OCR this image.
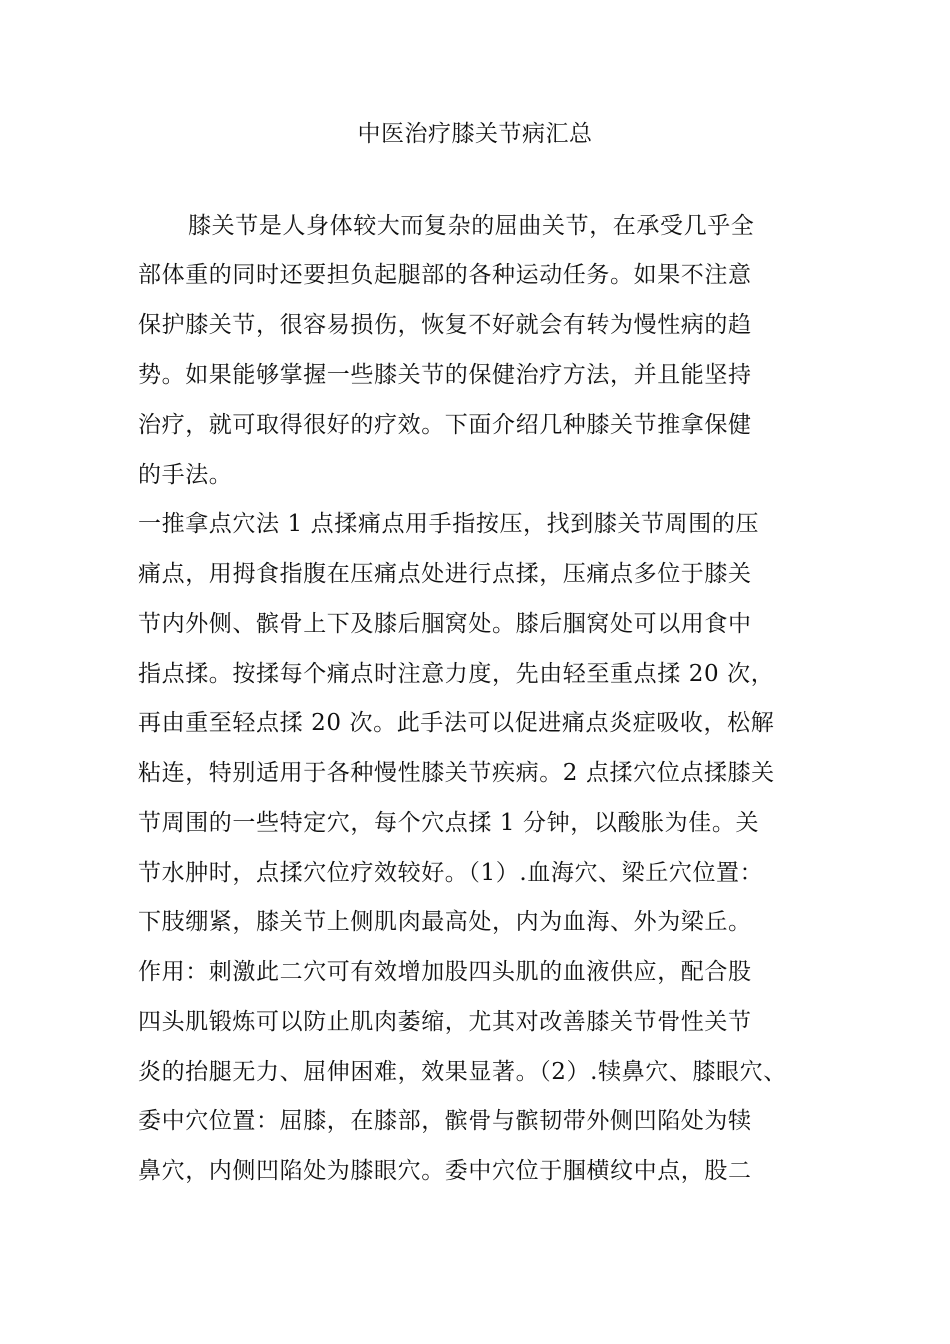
中医治疗膝关节病汇总
膝关节是人身体较大而复杂的屈曲关节，在承受几乎全
部体重的同时还要担负起腿部的各种运动任务。如果不注意
保护膝关节，很容易损伤，恢复不好就会有转为慢性病的趋
势。如果能够掌握一些膝关节的保健治疗方法，并且能坚持
治疗，就可取得很好的疗效。下面介绍几种膝关节推拿保健
的手法。
一推拿点穴法 1 点揉痛点用手指按压，找到膝关节周围的压
痛点，用拇食指腹在压痛点处进行点揉，压痛点多位于膝关
节内外侧、髌骨上下及膝后腘窝处。膝后腘窝处可以用食中
指点揉。按揉每个痛点时注意力度，先由轻至重点揉 20 次，
再由重至轻点揉 20 次。此手法可以促进痛点炎症吸收，松解
粘连，特别适用于各种慢性膝关节疾病。2 点揉穴位点揉膝关
节周围的一些特定穴，每个穴点揉 1 分钟，以酸胀为佳。关
节水肿时，点揉穴位疗效较好。（1）.血海穴、梁丘穴位置：
下肢绷紧，膝关节上侧肌肉最高处，内为血海、外为梁丘。
作用：刺激此二穴可有效增加股四头肌的血液供应，配合股
四头肌锻炼可以防止肌肉萎缩，尤其对改善膝关节骨性关节
炎的抬腿无力、屈伸困难，效果显著。（2）.犊鼻穴、膝眼穴、
委中穴位置：屈膝，在膝部，髌骨与髌韧带外侧凹陷处为犊
鼻穴，内侧凹陷处为膝眼穴。委中穴位于腘横纹中点，股二
